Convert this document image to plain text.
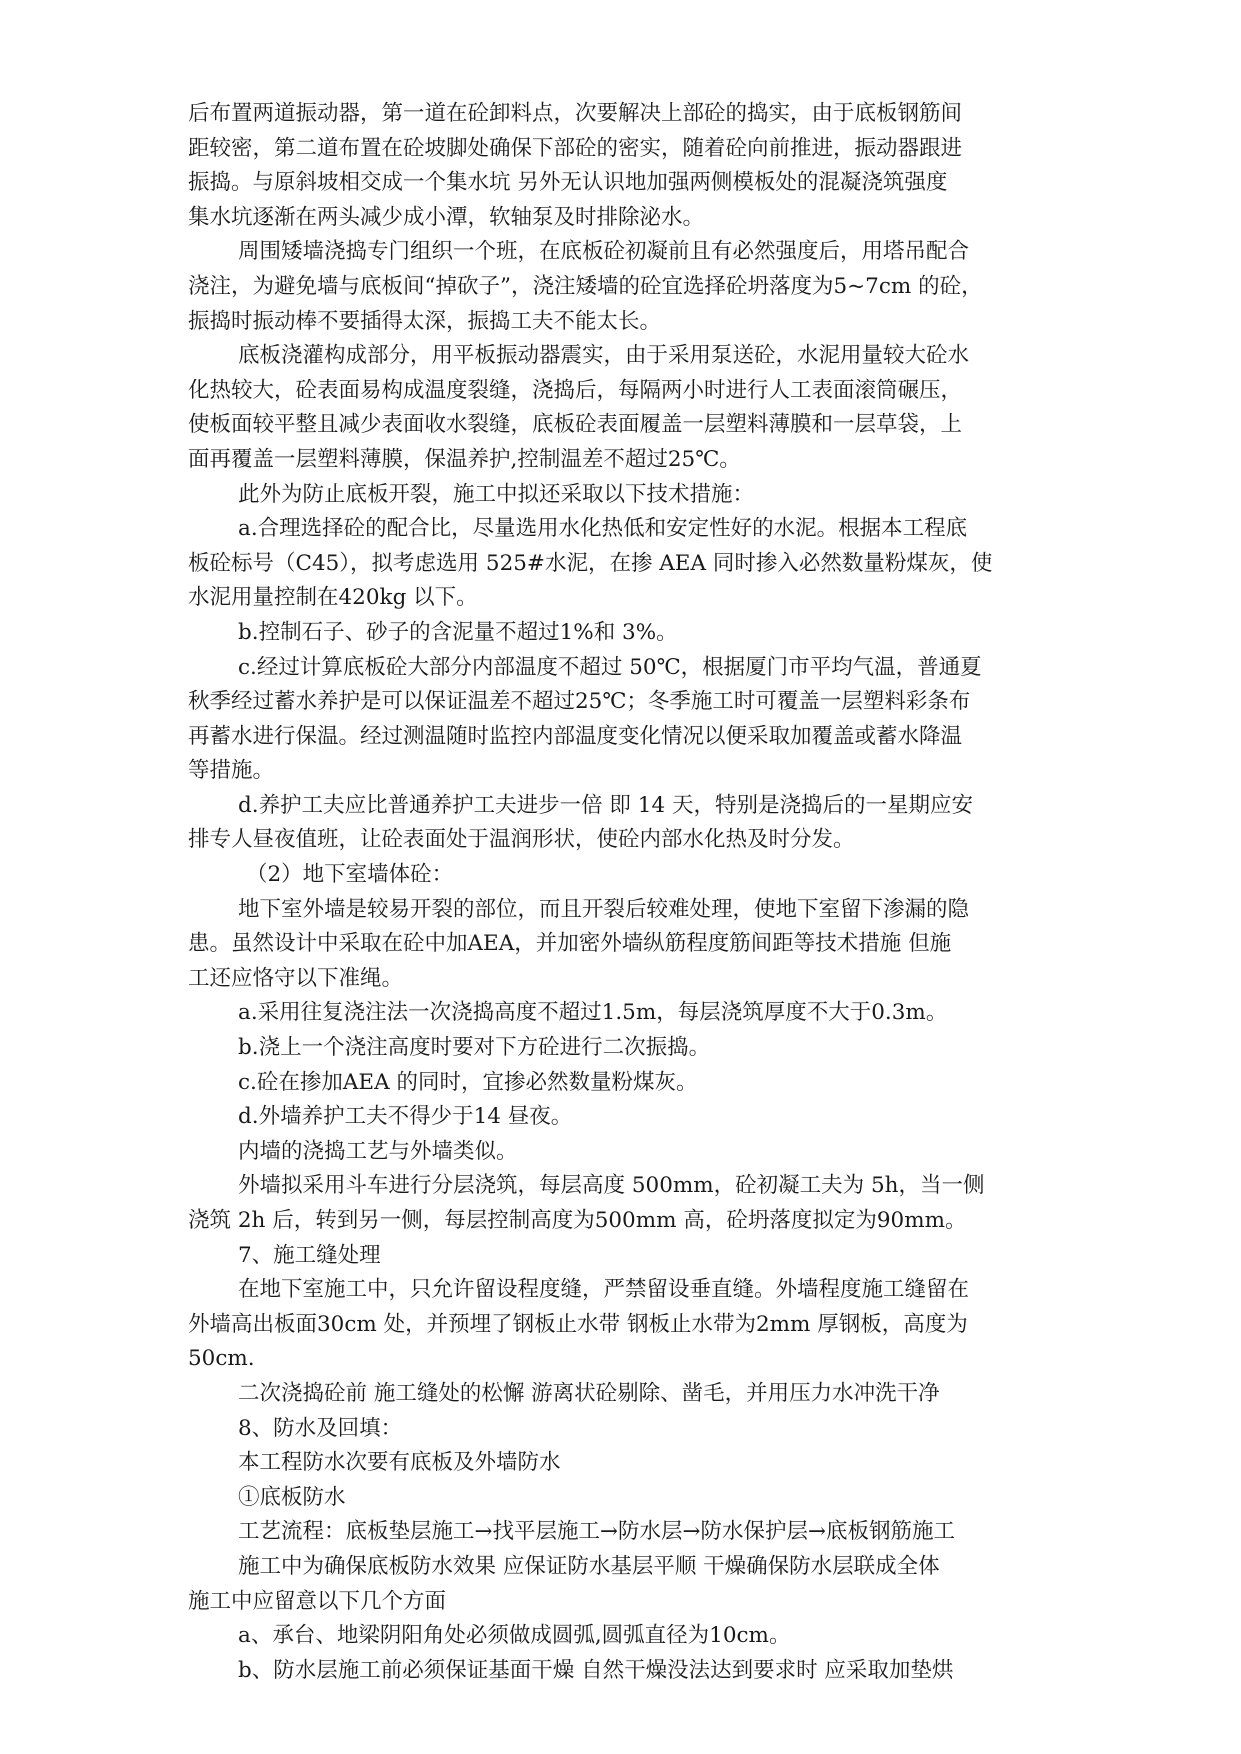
后布置两道振动器，第一道在砼卸料点，次要解决上部砼的捣实，由于底板钢筋间
距较密，第二道布置在砼坡脚处确保下部砼的密实，随着砼向前推进，振动器跟进
振捣。与原斜坡相交成一个集水坑 另外无认识地加强两侧模板处的混凝浇筑强度
集水坑逐渐在两头减少成小潭，软轴泵及时排除泌水。
周围矮墙浇捣专门组织一个班，在底板砼初凝前且有必然强度后，用塔吊配合
浇注，为避免墙与底板间“掉砍子”，浇注矮墙的砼宜选择砼坍落度为5~7cm 的砼，
振捣时振动棒不要插得太深，振捣工夫不能太长。
底板浇灌构成部分，用平板振动器震实，由于采用泵送砼，水泥用量较大砼水
化热较大，砼表面易构成温度裂缝，浇捣后，每隔两小时进行人工表面滚筒碾压，
使板面较平整且减少表面收水裂缝，底板砼表面履盖一层塑料薄膜和一层草袋，上
面再覆盖一层塑料薄膜，保温养护,控制温差不超过25℃。
此外为防止底板开裂，施工中拟还采取以下技术措施：
a.合理选择砼的配合比，尽量选用水化热低和安定性好的水泥。根据本工程底
板砼标号（C45），拟考虑选用 525#水泥，在掺 AEA 同时掺入必然数量粉煤灰，使
水泥用量控制在420kg 以下。
b.控制石子、砂子的含泥量不超过1%和 3%。
c.经过计算底板砼大部分内部温度不超过 50℃，根据厦门市平均气温，普通夏
秋季经过蓄水养护是可以保证温差不超过25℃；冬季施工时可覆盖一层塑料彩条布
再蓄水进行保温。经过测温随时监控内部温度变化情况以便采取加覆盖或蓄水降温
等措施。
d.养护工夫应比普通养护工夫进步一倍 即 14 天，特别是浇捣后的一星期应安
排专人昼夜值班，让砼表面处于温润形状，使砼内部水化热及时分发。
（2）地下室墙体砼：
地下室外墙是较易开裂的部位，而且开裂后较难处理，使地下室留下渗漏的隐
患。虽然设计中采取在砼中加AEA，并加密外墙纵筋程度筋间距等技术措施 但施
工还应恪守以下准绳。
a.采用往复浇注法一次浇捣高度不超过1.5m，每层浇筑厚度不大于0.3m。
b.浇上一个浇注高度时要对下方砼进行二次振捣。
c.砼在掺加AEA 的同时，宜掺必然数量粉煤灰。
d.外墙养护工夫不得少于14 昼夜。
内墙的浇捣工艺与外墙类似。
外墙拟采用斗车进行分层浇筑，每层高度 500mm，砼初凝工夫为 5h，当一侧
浇筑 2h 后，转到另一侧，每层控制高度为500mm 高，砼坍落度拟定为90mm。
7、施工缝处理
在地下室施工中，只允许留设程度缝，严禁留设垂直缝。外墙程度施工缝留在
外墙高出板面30cm 处，并预埋了钢板止水带 钢板止水带为2mm 厚钢板，高度为
50cm.
二次浇捣砼前 施工缝处的松懈 游离状砼剔除、凿毛，并用压力水冲洗干净
8、防水及回填：
本工程防水次要有底板及外墙防水
①底板防水
工艺流程：底板垫层施工→找平层施工→防水层→防水保护层→底板钢筋施工
施工中为确保底板防水效果 应保证防水基层平顺 干燥确保防水层联成全体
施工中应留意以下几个方面
a、承台、地梁阴阳角处必须做成圆弧,圆弧直径为10cm。
b、防水层施工前必须保证基面干燥 自然干燥没法达到要求时 应采取加垫烘
